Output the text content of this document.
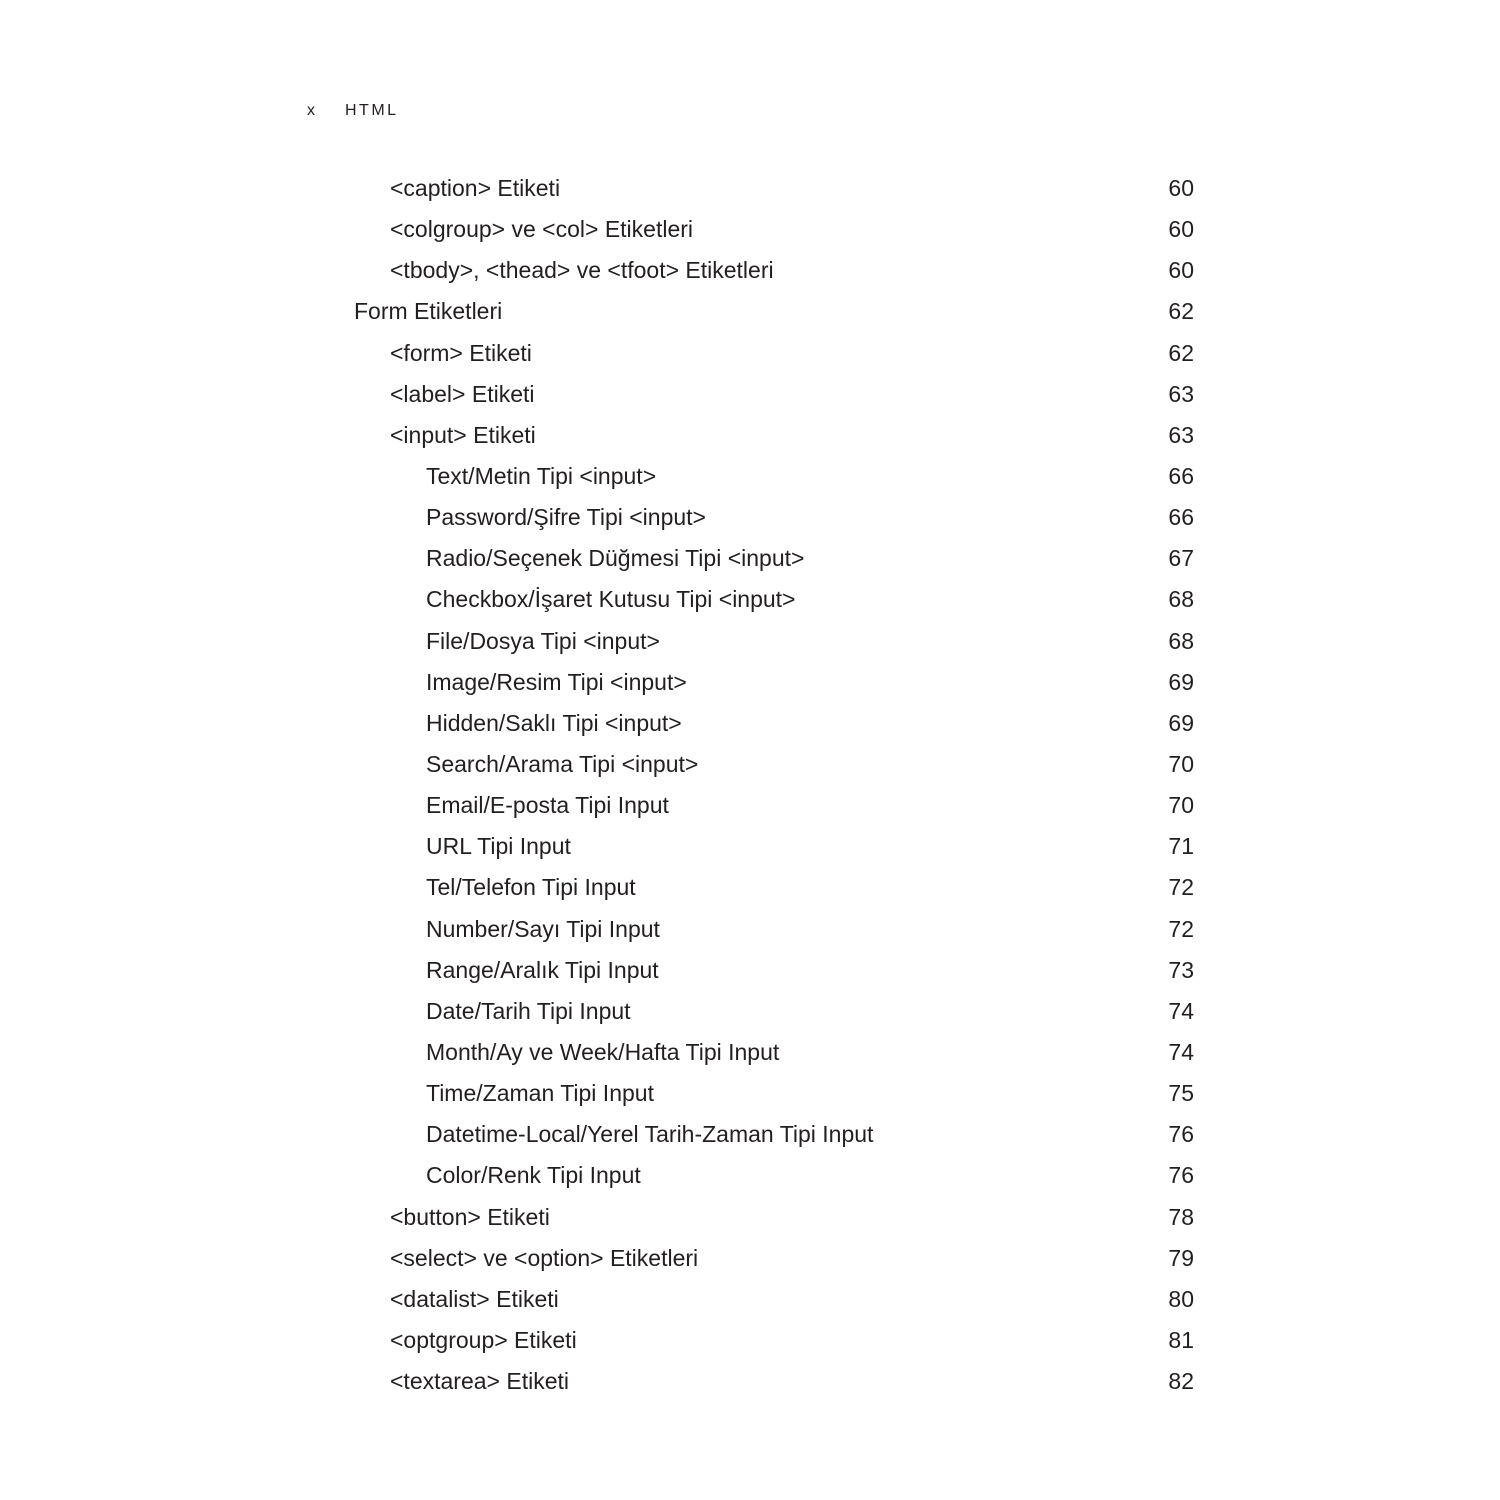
x HTML
<caption> Etiketi	60
<colgroup> ve <col> Etiketleri	60
<tbody>, <thead> ve <tfoot> Etiketleri	60
Form Etiketleri	62
<form> Etiketi	62
<label> Etiketi	63
<input> Etiketi	63
Text/Metin Tipi <input>	66
Password/Şifre Tipi <input>	66
Radio/Seçenek Düğmesi Tipi <input>	67
Checkbox/İşaret Kutusu Tipi <input>	68
File/Dosya Tipi <input>	68
Image/Resim Tipi <input>	69
Hidden/Saklı Tipi <input>	69
Search/Arama Tipi <input>	70
Email/E-posta Tipi Input	70
URL Tipi Input	71
Tel/Telefon Tipi Input	72
Number/Sayı Tipi Input	72
Range/Aralık Tipi Input	73
Date/Tarih Tipi Input	74
Month/Ay ve Week/Hafta Tipi Input	74
Time/Zaman Tipi Input	75
Datetime-Local/Yerel Tarih-Zaman Tipi Input	76
Color/Renk Tipi Input	76
<button> Etiketi	78
<select> ve <option> Etiketleri	79
<datalist> Etiketi	80
<optgroup> Etiketi	81
<textarea> Etiketi	82
